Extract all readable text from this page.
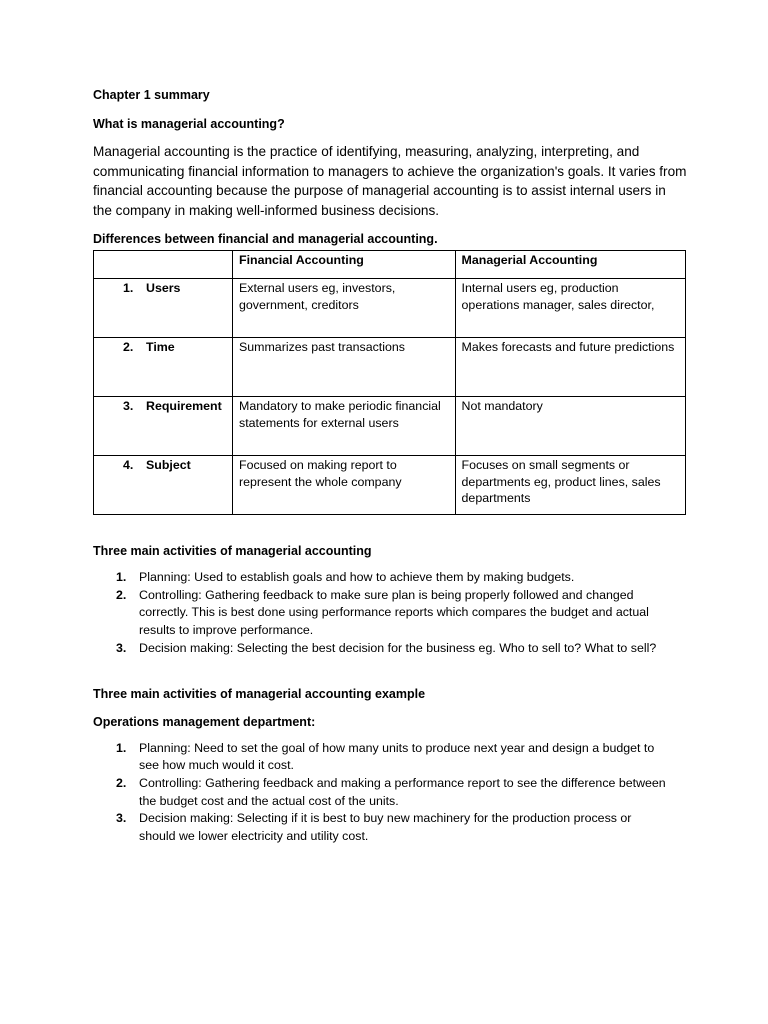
Chapter 1 summary

What is managerial accounting?

Managerial accounting is the practice of identifying, measuring, analyzing, interpreting, and communicating financial information to managers to achieve the organization's goals. It varies from financial accounting because the purpose of managerial accounting is to assist internal users in the company in making well-informed business decisions.

Differences between financial and managerial accounting.

	Financial Accounting	Managerial Accounting

1. Users	External users eg, investors, government, creditors	Internal users eg, production operations manager, sales director,

2. Time	Summarizes past transactions	Makes forecasts and future predictions

3. Requirement	Mandatory to make periodic financial statements for external users	Not mandatory

4. Subject	Focused on making report to represent the whole company	Focuses on small segments or departments eg, product lines, sales departments

Three main activities of managerial accounting

1.	Planning: Used to establish goals and how to achieve them by making budgets.
2.	Controlling: Gathering feedback to make sure plan is being properly followed and changed correctly. This is best done using performance reports which compares the budget and actual results to improve performance.
3.	Decision making: Selecting the best decision for the business eg. Who to sell to? What to sell?

Three main activities of managerial accounting example

Operations management department:

1.	Planning: Need to set the goal of how many units to produce next year and design a budget to see how much would it cost.
2.	Controlling: Gathering feedback and making a performance report to see the difference between the budget cost and the actual cost of the units.
3.	Decision making: Selecting if it is best to buy new machinery for the production process or should we lower electricity and utility cost.
